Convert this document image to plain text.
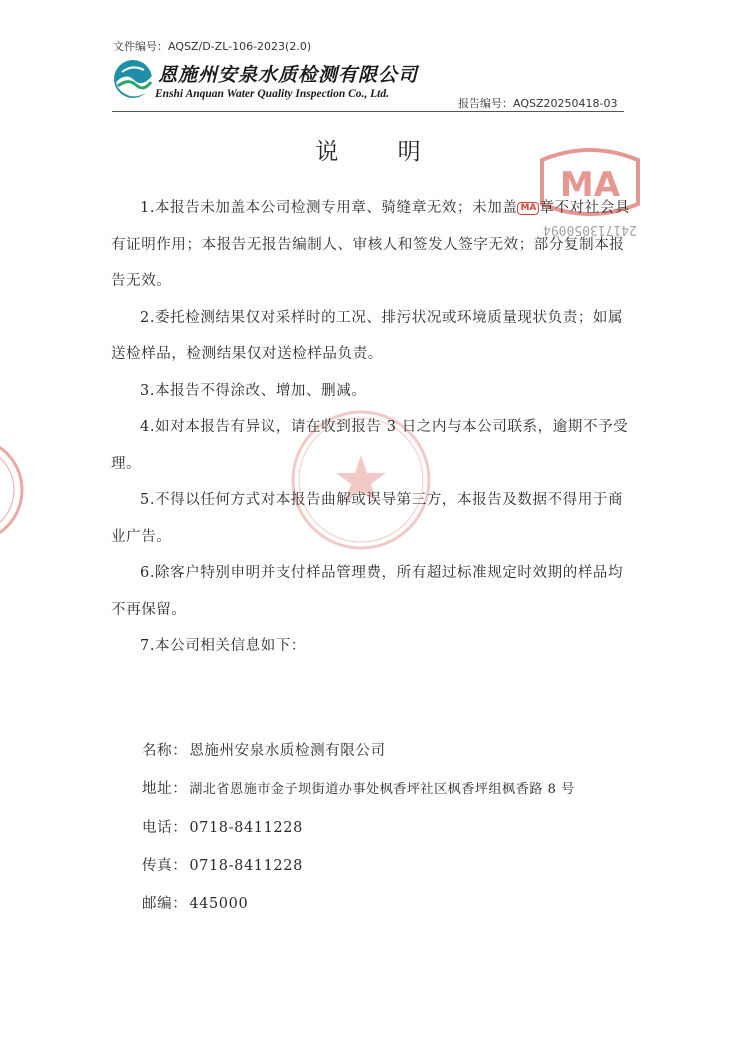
文件编号：AQSZ/D-ZL-106-2023(2.0)
恩施州安泉水质检测有限公司
Enshi Anquan Water Quality Inspection Co., Ltd.
报告编号：AQSZ20250418-03
MA
241713050094
说 明

1.本报告未加盖本公司检测专用章、骑缝章无效；未加盖 MA 章不对社会具有证明作用；本报告无报告编制人、审核人和签发人签字无效；部分复制本报告无效。

2.委托检测结果仅对采样时的工况、排污状况或环境质量现状负责；如属送检样品，检测结果仅对送检样品负责。

3.本报告不得涂改、增加、删减。

4.如对本报告有异议，请在收到报告 3 日之内与本公司联系，逾期不予受理。

5.不得以任何方式对本报告曲解或误导第三方，本报告及数据不得用于商业广告。

6.除客户特别申明并支付样品管理费，所有超过标准规定时效期的样品均不再保留。

7.本公司相关信息如下：

名称： 恩施州安泉水质检测有限公司
地址： 湖北省恩施市金子坝街道办事处枫香坪社区枫香坪组枫香路 8 号
电话： 0718-8411228
传真： 0718-8411228
邮编： 445000
